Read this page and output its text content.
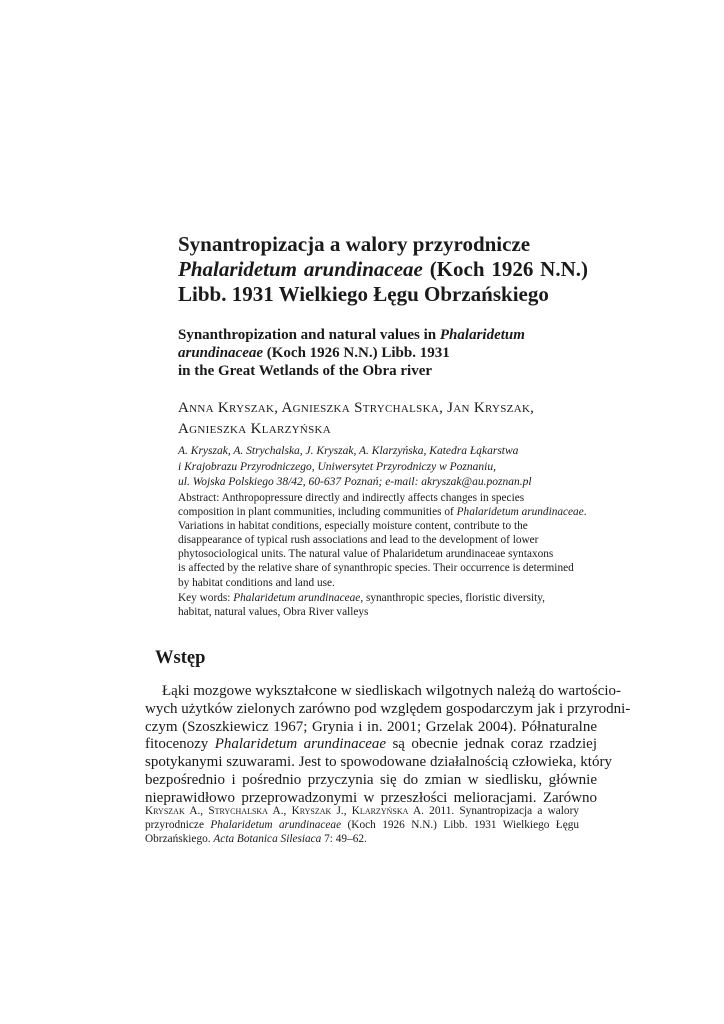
Synantropizacja a walory przyrodnicze
Phalaridetum arundinaceae (Koch 1926 N.N.)
Libb. 1931 Wielkiego Łęgu Obrzańskiego
Synanthropization and natural values in Phalaridetum
arundinaceae (Koch 1926 N.N.) Libb. 1931
in the Great Wetlands of the Obra river

Anna Kryszak, Agnieszka Strychalska, Jan Kryszak,
Agnieszka Klarzyńska

A. Kryszak, A. Strychalska, J. Kryszak, A. Klarzyńska, Katedra Łąkarstwa
i Krajobrazu Przyrodniczego, Uniwersytet Przyrodniczy w Poznaniu,
ul. Wojska Polskiego 38/42, 60-637 Poznań; e-mail: akryszak@au.poznan.pl

Abstract: Anthropopressure directly and indirectly affects changes in species
composition in plant communities, including communities of Phalaridetum arundinaceae.
Variations in habitat conditions, especially moisture content, contribute to the
disappearance of typical rush associations and lead to the development of lower
phytosociological units. The natural value of Phalaridetum arundinaceae syntaxons
is affected by the relative share of synanthropic species. Their occurrence is determined
by habitat conditions and land use.

Key words: Phalaridetum arundinaceae, synanthropic species, floristic diversity,
habitat, natural values, Obra River valleys

Wstęp

Łąki mozgowe wykształcone w siedliskach wilgotnych należą do wartościo-
wych użytków zielonych zarówno pod względem gospodarczym jak i przyrodni-
czym (Szoszkiewicz 1967; Grynia i in. 2001; Grzelak 2004). Półnaturalne
fitocenozy Phalaridetum arundinaceae są obecnie jednak coraz rzadziej
spotykanymi szuwarami. Jest to spowodowane działalnością człowieka, który
bezpośrednio i pośrednio przyczynia się do zmian w siedlisku, głównie
nieprawidłowo przeprowadzonymi w przeszłości melioracjami. Zarówno

Kryszak A., Strychalska A., Kryszak J., Klarzyńska A. 2011. Synantropizacja a walory
przyrodnicze Phalaridetum arundinaceae (Koch 1926 N.N.) Libb. 1931 Wielkiego Łęgu
Obrzańskiego. Acta Botanica Silesiaca 7: 49–62.
